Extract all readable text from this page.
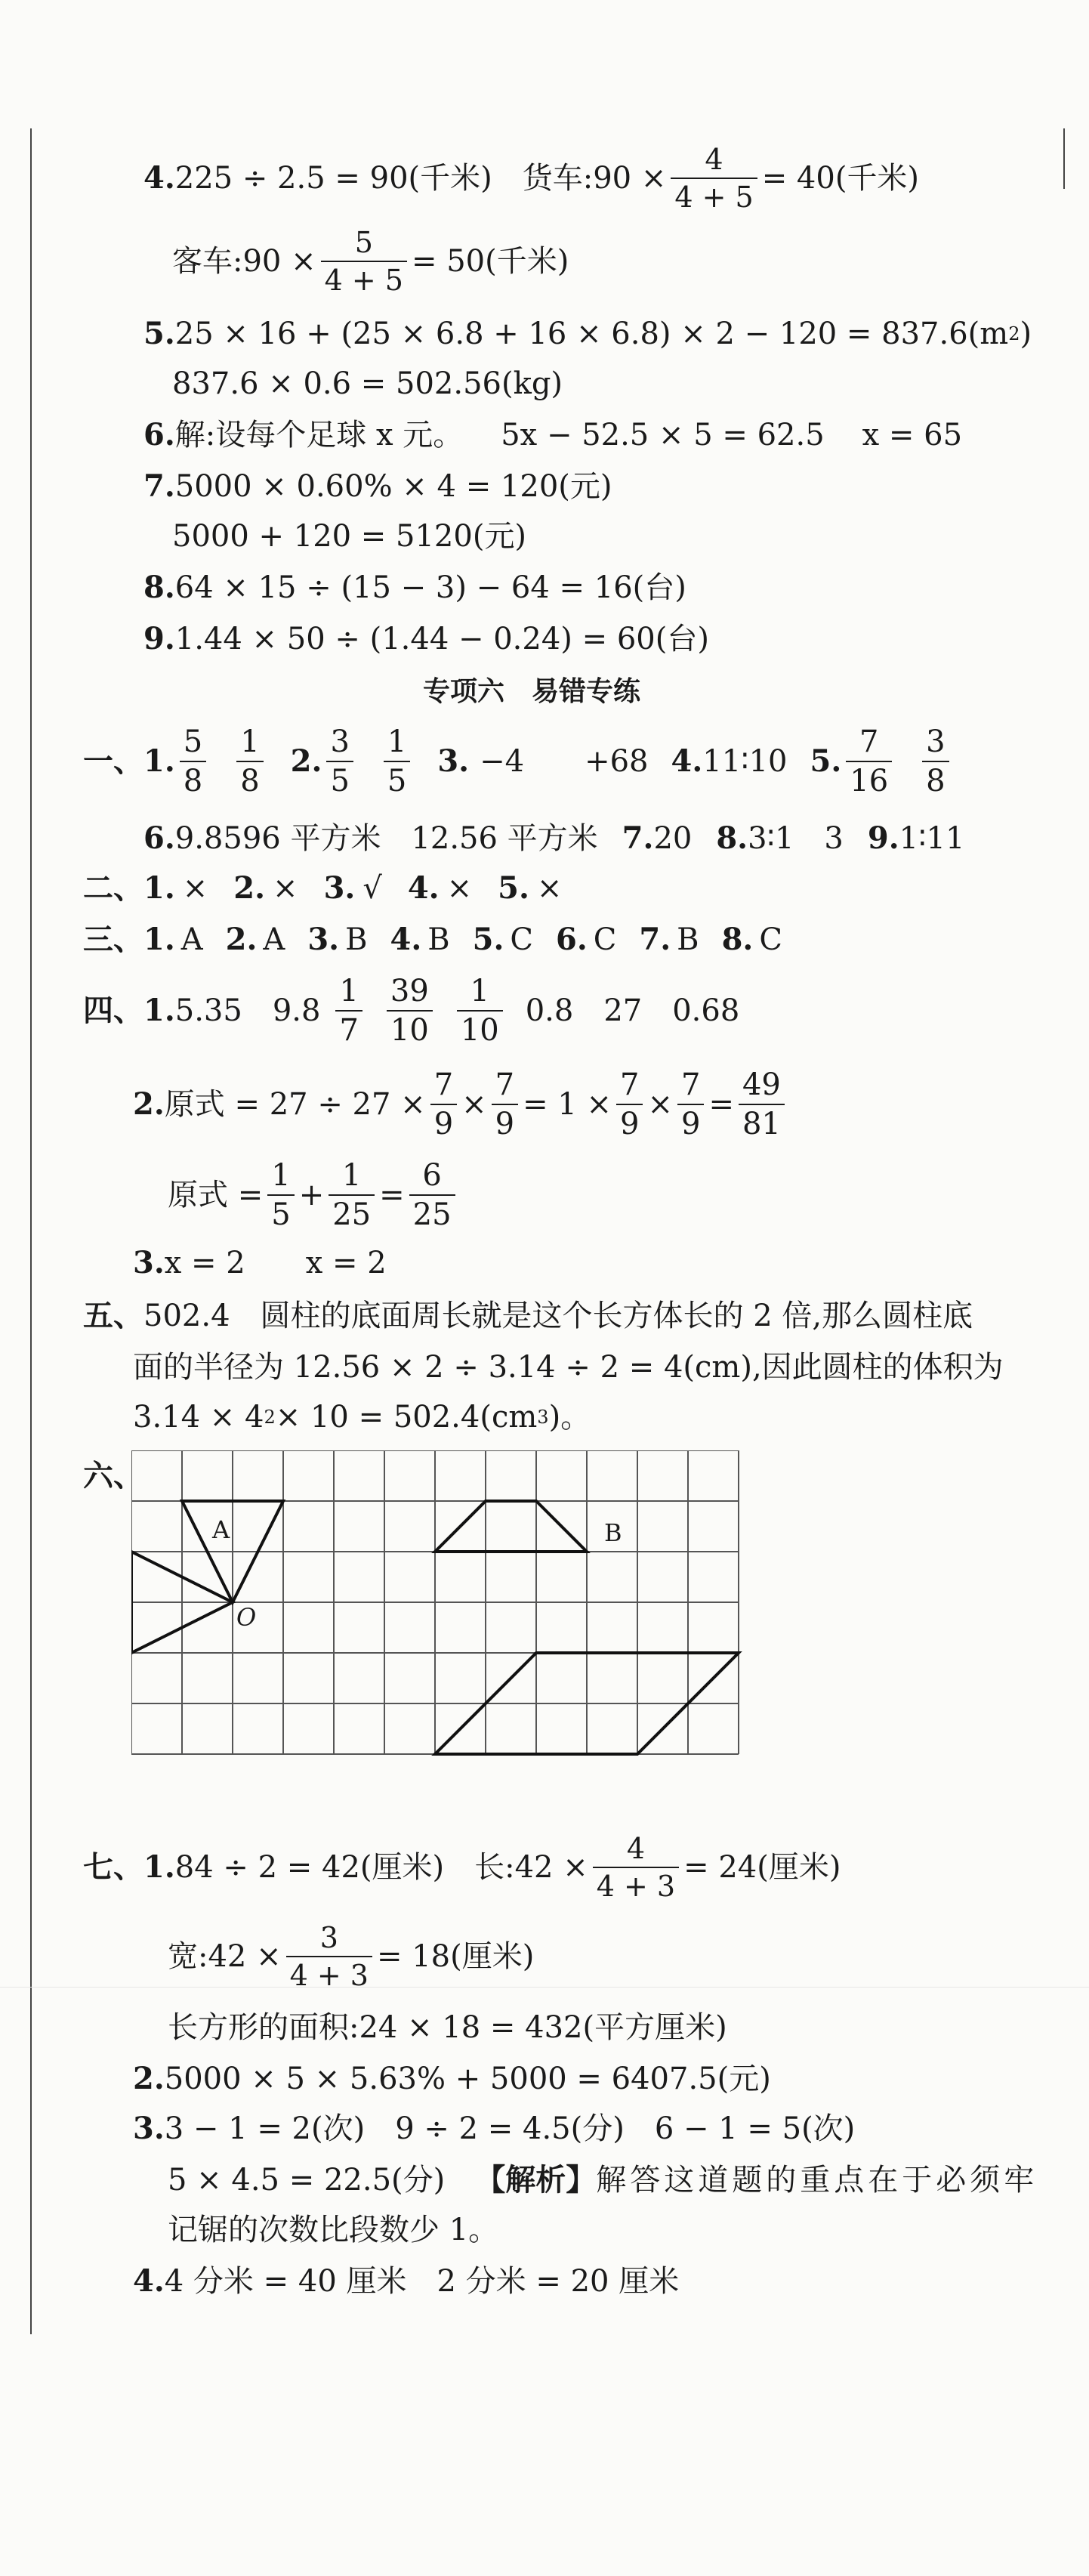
4. 225 ÷ 2.5 = 90(千米) 货车:90 × $\frac{4}{4 + 5} = 40$(千米)
客车:90 × $\frac{5}{4 + 5} = 50$(千米)
5. 25 × 16 + (25 × 6.8 + 16 × 6.8) × 2 − 120 = 837.6(m 2 )
837.6 × 0.6 = 502.56(kg)
6. 解:设每个足球 x 元。 5x − 52.5 × 5 = 62.5 x = 65
7. 5000 × 0.60% × 4 = 120(元)
5000 + 120 = 5120(元)
8. 64 × 15 ÷ (15 − 3) − 64 = 16(台)
9. 1.44 × 50 ÷ (1.44 − 0.24) = 60(台)
专项六　易错专练
一、 1. $\frac{5}{8} \frac{1}{8} 2$. $\frac{3}{5} \frac{1}{5} 3$. −4　　+68 4. 11∶10 5. $\frac{7}{16} \frac{3}{8}$
6. 9.8596 平方米　12.56 平方米 7. 20 8. 3∶1　3 9. 1∶11
二、 1. × 2. × 3. √ 4. × 5. ×
三、 1. A 2. A 3. B 4. B 5. C 6. C 7. B 8. C
四、 1. 5.35　$9.8 \frac{1}{7} \frac{39}{10} \frac{1}{10} 0.8$　27　0.68
2. 原式 = $27 \div 27 \times \frac{7}{9} \times \frac{7}{9} = 1 \times \frac{7}{9} \times \frac{7}{9} = \frac{49}{81}$
原式 = $\frac{1}{5} + \frac{1}{25} = \frac{6}{25}$
3. x = 2　　x = 2
五、 502.4　圆柱的底面周长就是这个长方体长的 2 倍,那么圆柱底
面的半径为 12.56 × 2 ÷ 3.14 ÷ 2 = 4(cm),因此圆柱的体积为
3.14 × 4 2 × 10 = 502.4(cm 3 )。
六、
A	B
O
七、 1. 84 ÷ 2 = 42(厘米) 长:42 × $\frac{4}{4 + 3} = 24$(厘米)
宽:42 × $\frac{3}{4 + 3} = 18$(厘米)
长方形的面积:24 × 18 = 432(平方厘米)
2. 5000 × 5 × 5.63% + 5000 = 6407.5(元)
3. 3 − 1 = 2(次)　9 ÷ 2 = 4.5(分)　6 − 1 = 5(次)
5 × 4.5 = 22.5(分)　 【解析】 解答这道题的重点在于必须牢
记锯的次数比段数少 1。
4. 4 分米 = 40 厘米　2 分米 = 20 厘米
